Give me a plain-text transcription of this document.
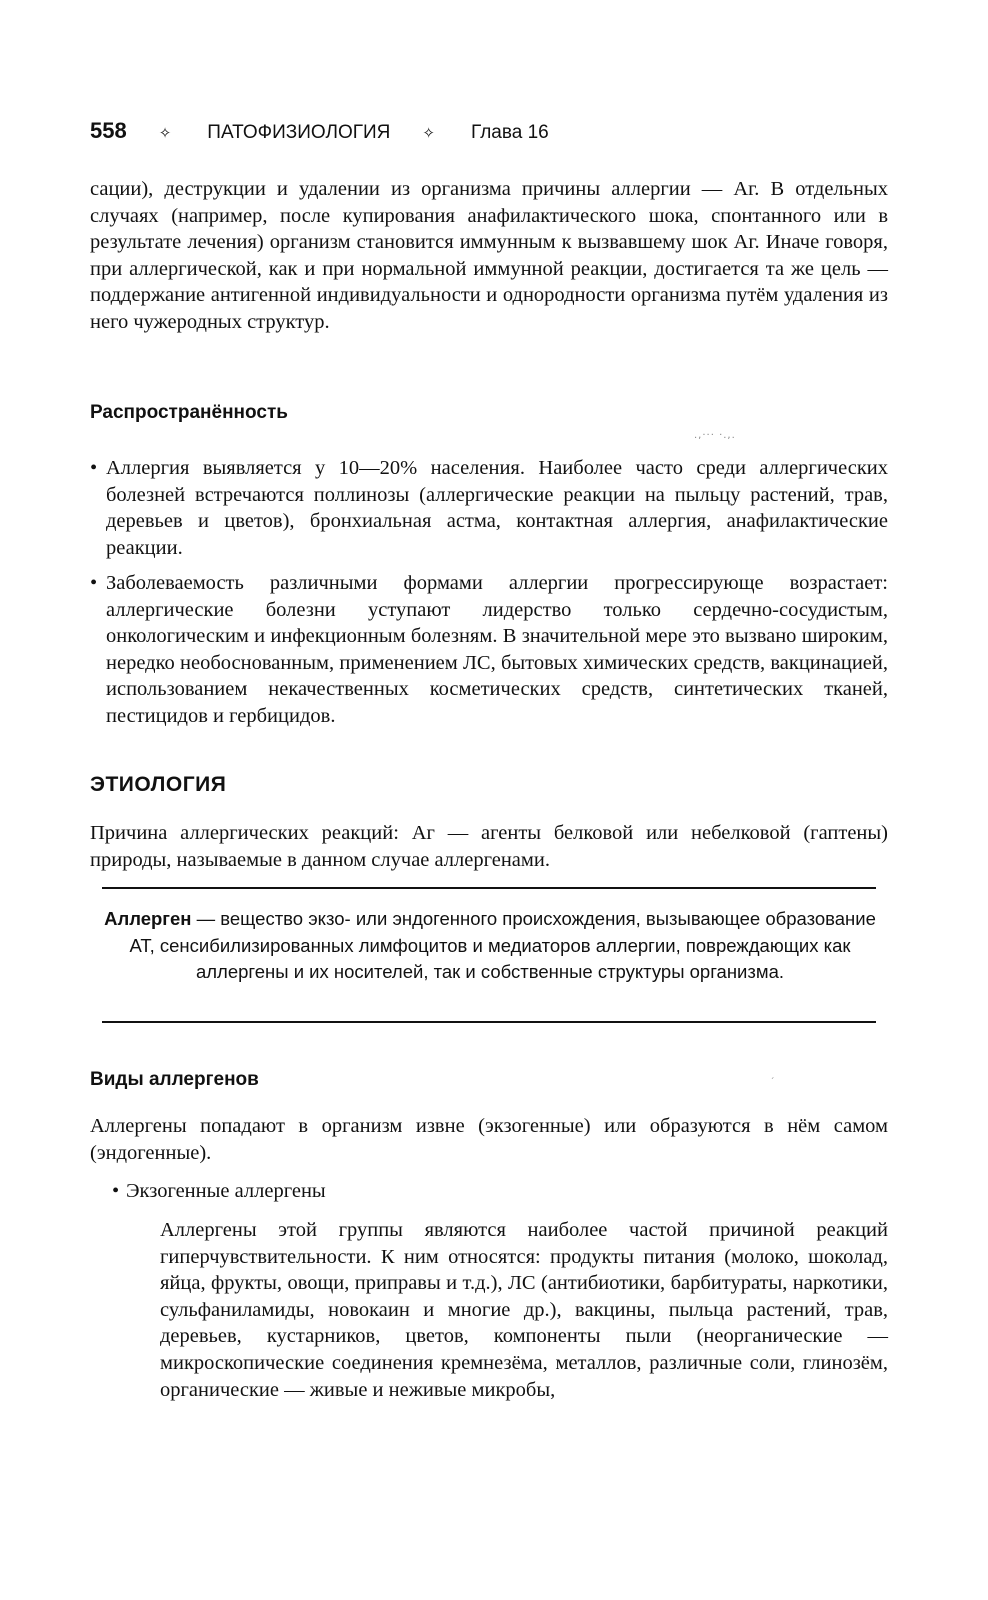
558 ✧ ПАТОФИЗИОЛОГИЯ ✧ Глава 16

сации), деструкции и удалении из организма причины аллергии — Аг. В отдельных случаях (например, после купирования анафилактического шока, спонтанного или в результате лечения) организм становится иммунным к вызвавшему шок Аг. Иначе говоря, при аллергической, как и при нормальной иммунной реакции, достигается та же цель — поддержание антигенной индивидуальности и однородности организма путём удаления из него чужеродных структур.

Распространённость
.,··· ·.,.
• Аллергия выявляется у 10—20% населения. Наиболее часто среди аллергических болезней встречаются поллинозы (аллергические реакции на пыльцу растений, трав, деревьев и цветов), бронхиальная астма, контактная аллергия, анафилактические реакции.
• Заболеваемость различными формами аллергии прогрессирующе возрастает: аллергические болезни уступают лидерство только сердечно-сосудистым, онкологическим и инфекционным болезням. В значительной мере это вызвано широким, нередко необоснованным, применением ЛС, бытовых химических средств, вакцинацией, использованием некачественных косметических средств, синтетических тканей, пестицидов и гербицидов.
ЭТИОЛОГИЯ

Причина аллергических реакций: Аг — агенты белковой или небелковой (гаптены) природы, называемые в данном случае аллергенами.

Аллерген — вещество экзо- или эндогенного происхождения, вызывающее образование АТ, сенсибилизированных лимфоцитов и медиаторов аллергии, повреждающих как аллергены и их носителей, так и собственные структуры организма.

Виды аллергенов	ˏ

Аллергены попадают в организм извне (экзогенные) или образуются в нём самом (эндогенные).

• Экзогенные аллергены

Аллергены этой группы являются наиболее частой причиной реакций гиперчувствительности. К ним относятся: продукты питания (молоко, шоколад, яйца, фрукты, овощи, приправы и т.д.), ЛС (антибиотики, барбитураты, наркотики, сульфаниламиды, новокаин и многие др.), вакцины, пыльца растений, трав, деревьев, кустарников, цветов, компоненты пыли (неорганические — микроскопические соединения кремнезёма, металлов, различные соли, глинозём, органические — живые и неживые микробы,
